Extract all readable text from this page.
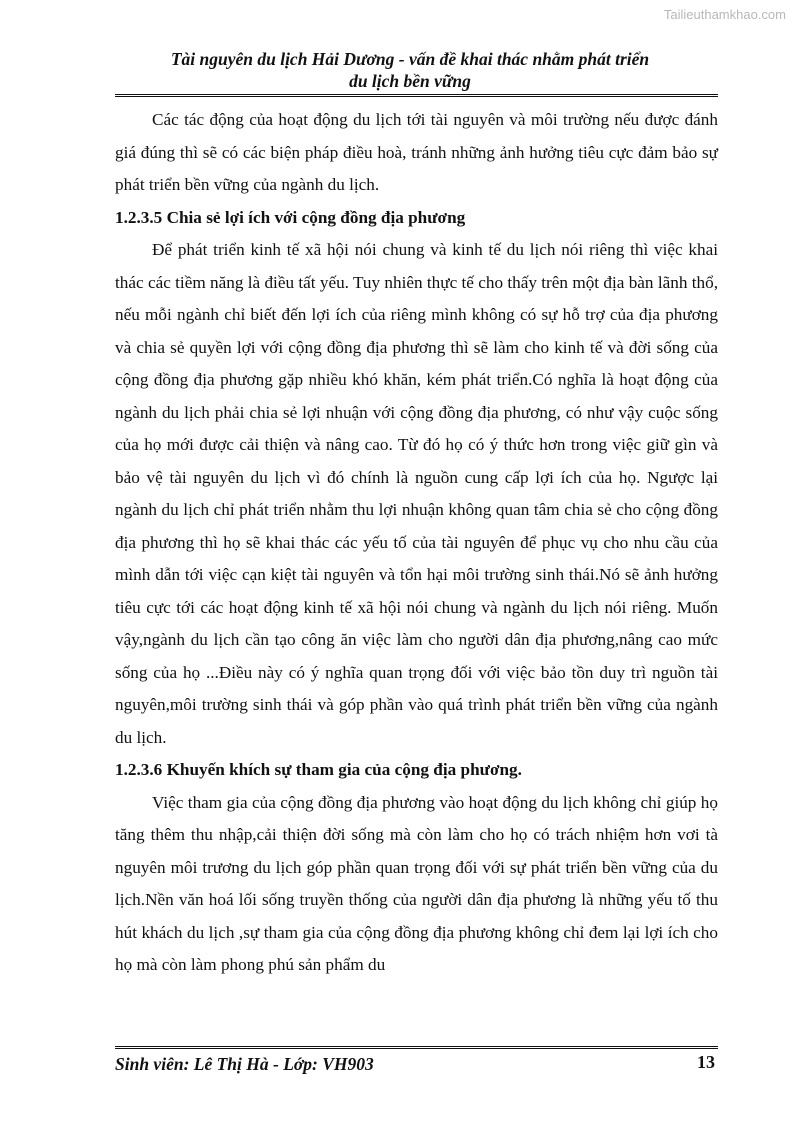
Tailieuthamkhao.com
Tài nguyên du lịch Hải Dương - vấn đề khai thác nhằm phát triển
du lịch bền vững

Các tác động của hoạt động du lịch tới tài nguyên và môi trường nếu được đánh giá đúng thì sẽ có các biện pháp điều hoà, tránh những ảnh hưởng tiêu cực đảm bảo sự phát triển bền vững của ngành du lịch.

1.2.3.5 Chia sẻ lợi ích với cộng đồng địa phương

Để phát triển kinh tế xã hội nói chung và kinh tế du lịch nói riêng thì việc khai thác các tiềm năng là điều tất yếu. Tuy nhiên thực tế cho thấy trên một địa bàn lãnh thổ, nếu mỗi ngành chỉ biết đến lợi ích của riêng mình không có sự hỗ trợ của địa phương và chia sẻ quyền lợi với cộng đồng địa phương thì sẽ làm cho kinh tế và đời sống của cộng đồng địa phương gặp nhiều khó khăn, kém phát triển.Có nghĩa là hoạt động của ngành du lịch phải chia sẻ lợi nhuận với cộng đồng địa phương, có như vậy cuộc sống của họ mới được cải thiện và nâng cao. Từ đó họ có ý thức hơn trong việc giữ gìn và bảo vệ tài nguyên du lịch vì đó chính là nguồn cung cấp lợi ích của họ. Ngược lại ngành du lịch chỉ phát triển nhằm thu lợi nhuận không quan tâm chia sẻ cho cộng đồng địa phương thì họ sẽ khai thác các yếu tố của tài nguyên để phục vụ cho nhu cầu của mình dẫn tới việc cạn kiệt tài nguyên và tổn hại môi trường sinh thái.Nó sẽ ảnh hưởng tiêu cực tới các hoạt động kinh tế xã hội nói chung và ngành du lịch nói riêng. Muốn vậy,ngành du lịch cần tạo công ăn việc làm cho người dân địa phương,nâng cao mức sống của họ ...Điều này có ý nghĩa quan trọng đối với việc bảo tồn duy trì nguồn tài nguyên,môi trường sinh thái và góp phần vào quá trình phát triển bền vững của ngành du lịch.

1.2.3.6 Khuyến khích sự tham gia của cộng địa phương.

Việc tham gia của cộng đồng địa phương vào hoạt động du lịch không chỉ giúp họ tăng thêm thu nhập,cải thiện đời sống mà còn làm cho họ có trách nhiệm hơn vơi tà nguyên môi trương du lịch góp phần quan trọng đối với sự phát triển bền vững của du lịch.Nền văn hoá lối sống truyền thống của người dân địa phương là những yếu tố thu hút khách du lịch ,sự tham gia của cộng đồng địa phương không chỉ đem lại lợi ích cho họ mà còn làm phong phú sản phẩm du

Sinh viên: Lê Thị Hà - Lớp: VH903	13
